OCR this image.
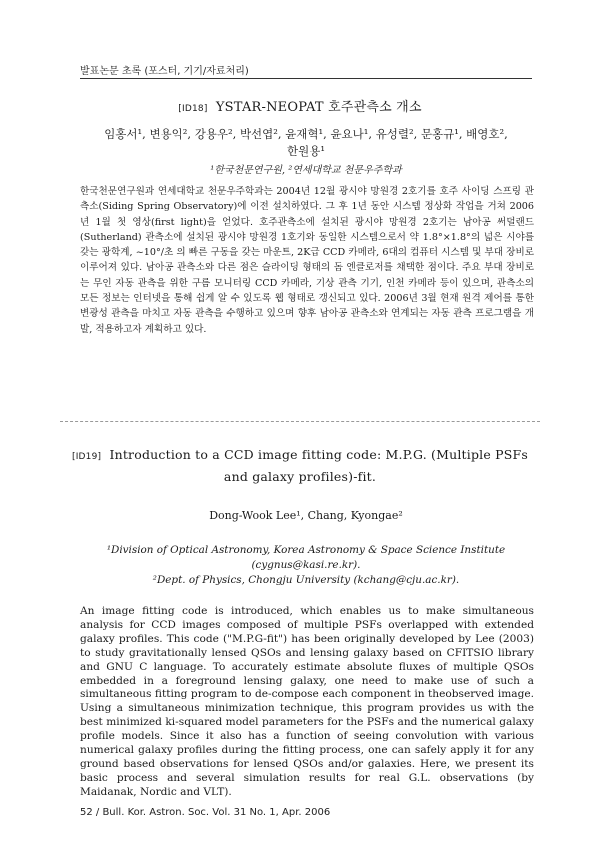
발표논문 초록 (포스터, 기기/자료처리)
[ID18] YSTAR-NEOPAT 호주관측소 개소
임홍서¹, 변용익², 강용우², 박선엽², 윤재혁¹, 윤요나¹, 유성렬², 문홍규¹, 배영호²,
한원용¹
¹한국천문연구원, ²연세대학교 천문우주학과

한국천문연구원과 연세대학교 천문우주학과는 2004년 12월 광시야 망원경 2호기를 호주 사이딩 스프링 관측소(Siding Spring Observatory)에 이전 설치하였다. 그 후 1년 동안 시스템 정상화 작업을 거쳐 2006년 1월 첫 영상(first light)을 얻었다. 호주관측소에 설치된 광시야 망원경 2호기는 남아공 써덜랜드(Sutherland) 관측소에 설치된 광시야 망원경 1호기와 동일한 시스템으로서 약 1.8°×1.8°의 넓은 시야를 갖는 광학계, ~10°/초 의 빠른 구동을 갖는 마운트, 2K급 CCD 카메라, 6대의 컴퓨터 시스템 및 부대 장비로 이루어져 있다. 남아공 관측소와 다른 점은 슬라이딩 형태의 돔 엔클로저를 채택한 점이다. 주요 부대 장비로는 무인 자동 관측을 위한 구름 모니터링 CCD 카메라, 기상 관측 기기, 인천 카메라 등이 있으며, 관측소의 모든 정보는 인터넷을 통해 쉽게 알 수 있도록 웹 형태로 갱신되고 있다. 2006년 3월 현재 원격 제어를 통한 변광성 관측을 마치고 자동 관측을 수행하고 있으며 향후 남아공 관측소와 연계되는 자동 관측 프로그램을 개발, 적용하고자 계획하고 있다.

[ID19] Introduction to a CCD image fitting code: M.P.G. (Multiple PSFs
and galaxy profiles)-fit.
Dong-Wook Lee¹, Chang, Kyongae²
¹Division of Optical Astronomy, Korea Astronomy & Space Science Institute
(cygnus@kasi.re.kr).
²Dept. of Physics, Chongju University (kchang@cju.ac.kr).

An image fitting code is introduced, which enables us to make simultaneous analysis for CCD images composed of multiple PSFs overlapped with extended galaxy profiles. This code ("M.P.G-fit") has been originally developed by Lee (2003) to study gravitationally lensed QSOs and lensing galaxy based on CFITSIO library and GNU C language. To accurately estimate absolute fluxes of multiple QSOs embedded in a foreground lensing galaxy, one need to make use of such a simultaneous fitting program to de-compose each component in theobserved image. Using a simultaneous minimization technique, this program provides us with the best minimized ki-squared model parameters for the PSFs and the numerical galaxy profile models. Since it also has a function of seeing convolution with various numerical galaxy profiles during the fitting process, one can safely apply it for any ground based observations for lensed QSOs and/or galaxies. Here, we present its basic process and several simulation results for real G.L. observations (by Maidanak, Nordic and VLT).

52 / Bull. Kor. Astron. Soc. Vol. 31 No. 1, Apr. 2006
